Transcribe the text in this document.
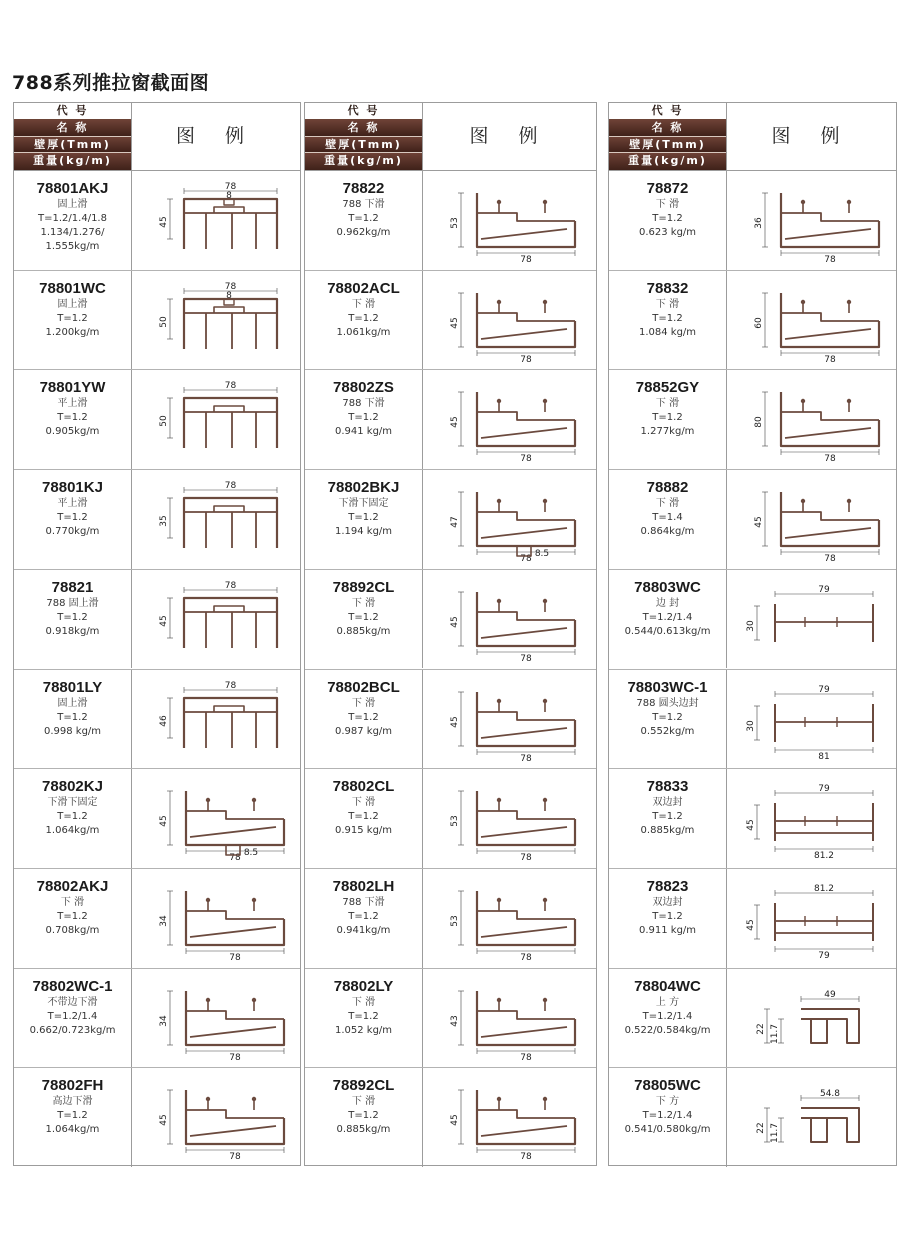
788系列推拉窗截面图
代 号
名 称
壁厚(Tmm)
重量(kg/m)
图 例
78801AKJ
固上滑
T=1.2/1.4/1.8
1.134/1.276/
1.555kg/m
78
45
8
78801WC
固上滑
T=1.2
1.200kg/m
78
50
8
78801YW
平上滑
T=1.2
0.905kg/m
78
50
78801KJ
平上滑
T=1.2
0.770kg/m
78
35
78821
788 固上滑
T=1.2
0.918kg/m
78
45
78801LY
固上滑
T=1.2
0.998 kg/m
78
46
78802KJ
下滑下固定
T=1.2
1.064kg/m
45
78 8.5
78802AKJ
下 滑
T=1.2
0.708kg/m
34
78
78802WC-1
不带边下滑
T=1.2/1.4
0.662/0.723kg/m
34
78
78802FH
高边下滑
T=1.2
1.064kg/m
45
78
代 号
名 称
壁厚(Tmm)
重量(kg/m)
图 例
78822
788 下滑
T=1.2
0.962kg/m
53
78
78802ACL
下 滑
T=1.2
1.061kg/m
45
78
78802ZS
788 下滑
T=1.2
0.941 kg/m
45
78
78802BKJ
下滑下固定
T=1.2
1.194 kg/m
47
78 8.5
78892CL
下 滑
T=1.2
0.885kg/m
45
78
78802BCL
下 滑
T=1.2
0.987 kg/m
45
78
78802CL
下 滑
T=1.2
0.915 kg/m
53
78
78802LH
788 下滑
T=1.2
0.941kg/m
53
78
78802LY
下 滑
T=1.2
1.052 kg/m
43
78
78892CL
下 滑
T=1.2
0.885kg/m
45
78
代 号
名 称
壁厚(Tmm)
重量(kg/m)
图 例
78872
下 滑
T=1.2
0.623 kg/m
36
78
78832
下 滑
T=1.2
1.084 kg/m
60
78
78852GY
下 滑
T=1.2
1.277kg/m
80
78
78882
下 滑
T=1.4
0.864kg/m
45
78
78803WC
边 封
T=1.2/1.4
0.544/0.613kg/m
79
30
78803WC-1
788 圆头边封
T=1.2
0.552kg/m
79
30
81
78833
双边封
T=1.2
0.885kg/m
79
45
81.2
78823
双边封
T=1.2
0.911 kg/m
81.2
45
79
78804WC
上 方
T=1.2/1.4
0.522/0.584kg/m
49
22 11.7
78805WC
下 方
T=1.2/1.4
0.541/0.580kg/m
54.8
22 11.7
